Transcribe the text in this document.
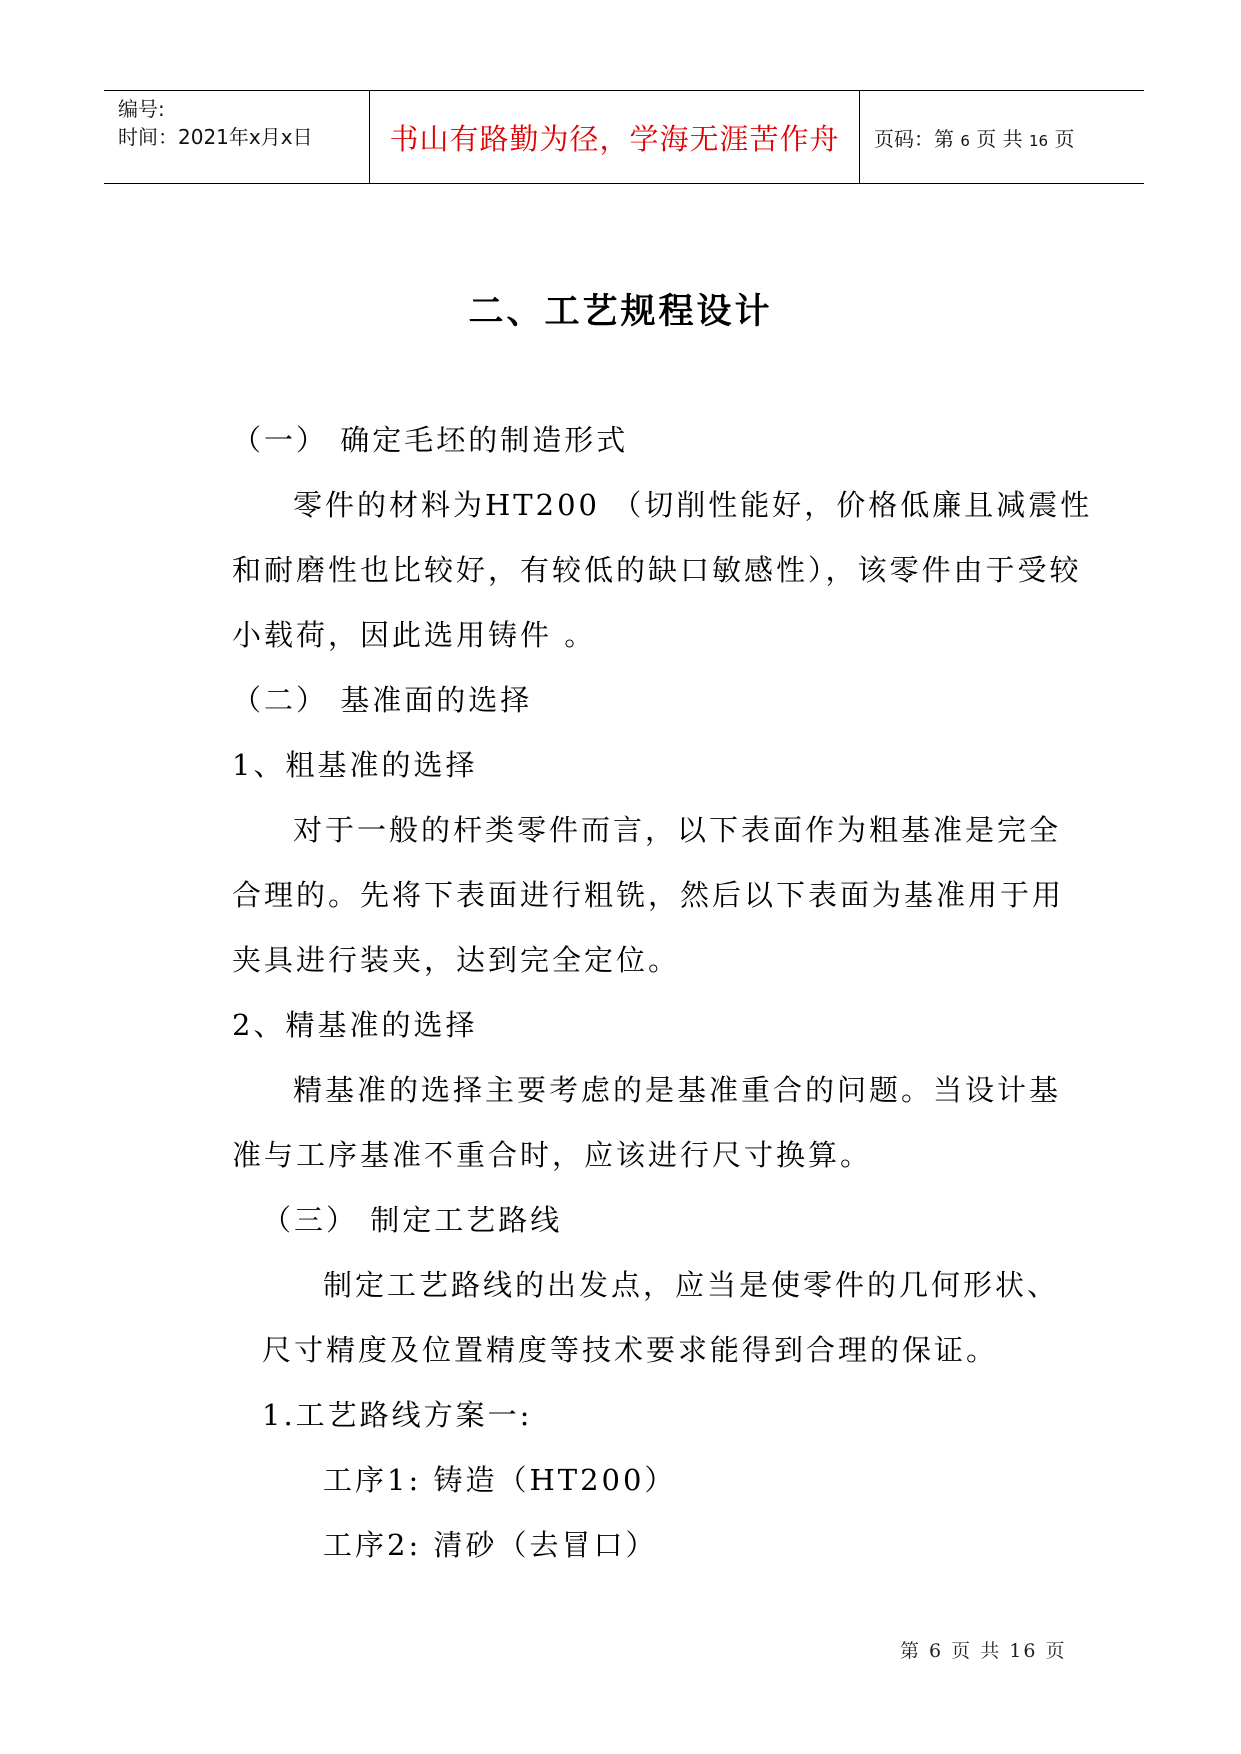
编号:
时间：2021年x月x日	书山有路勤为径，学海无涯苦作舟	页码：第 6 页 共 16 页
二、工艺规程设计
（一） 确定毛坯的制造形式
零件的材料为HT200 （切削性能好，价格低廉且减震性
和耐磨性也比较好，有较低的缺口敏感性），该零件由于受较
小载荷，因此选用铸件 。
（二） 基准面的选择
1、粗基准的选择
对于一般的杆类零件而言，以下表面作为粗基准是完全
合理的。先将下表面进行粗铣，然后以下表面为基准用于用
夹具进行装夹，达到完全定位。
2、精基准的选择
精基准的选择主要考虑的是基准重合的问题。当设计基
准与工序基准不重合时，应该进行尺寸换算。
（三） 制定工艺路线
制定工艺路线的出发点，应当是使零件的几何形状、
尺寸精度及位置精度等技术要求能得到合理的保证。
1.工艺路线方案一:
工序1: 铸造（HT200）
工序2: 清砂（去冒口）
第 6 页 共 16 页
